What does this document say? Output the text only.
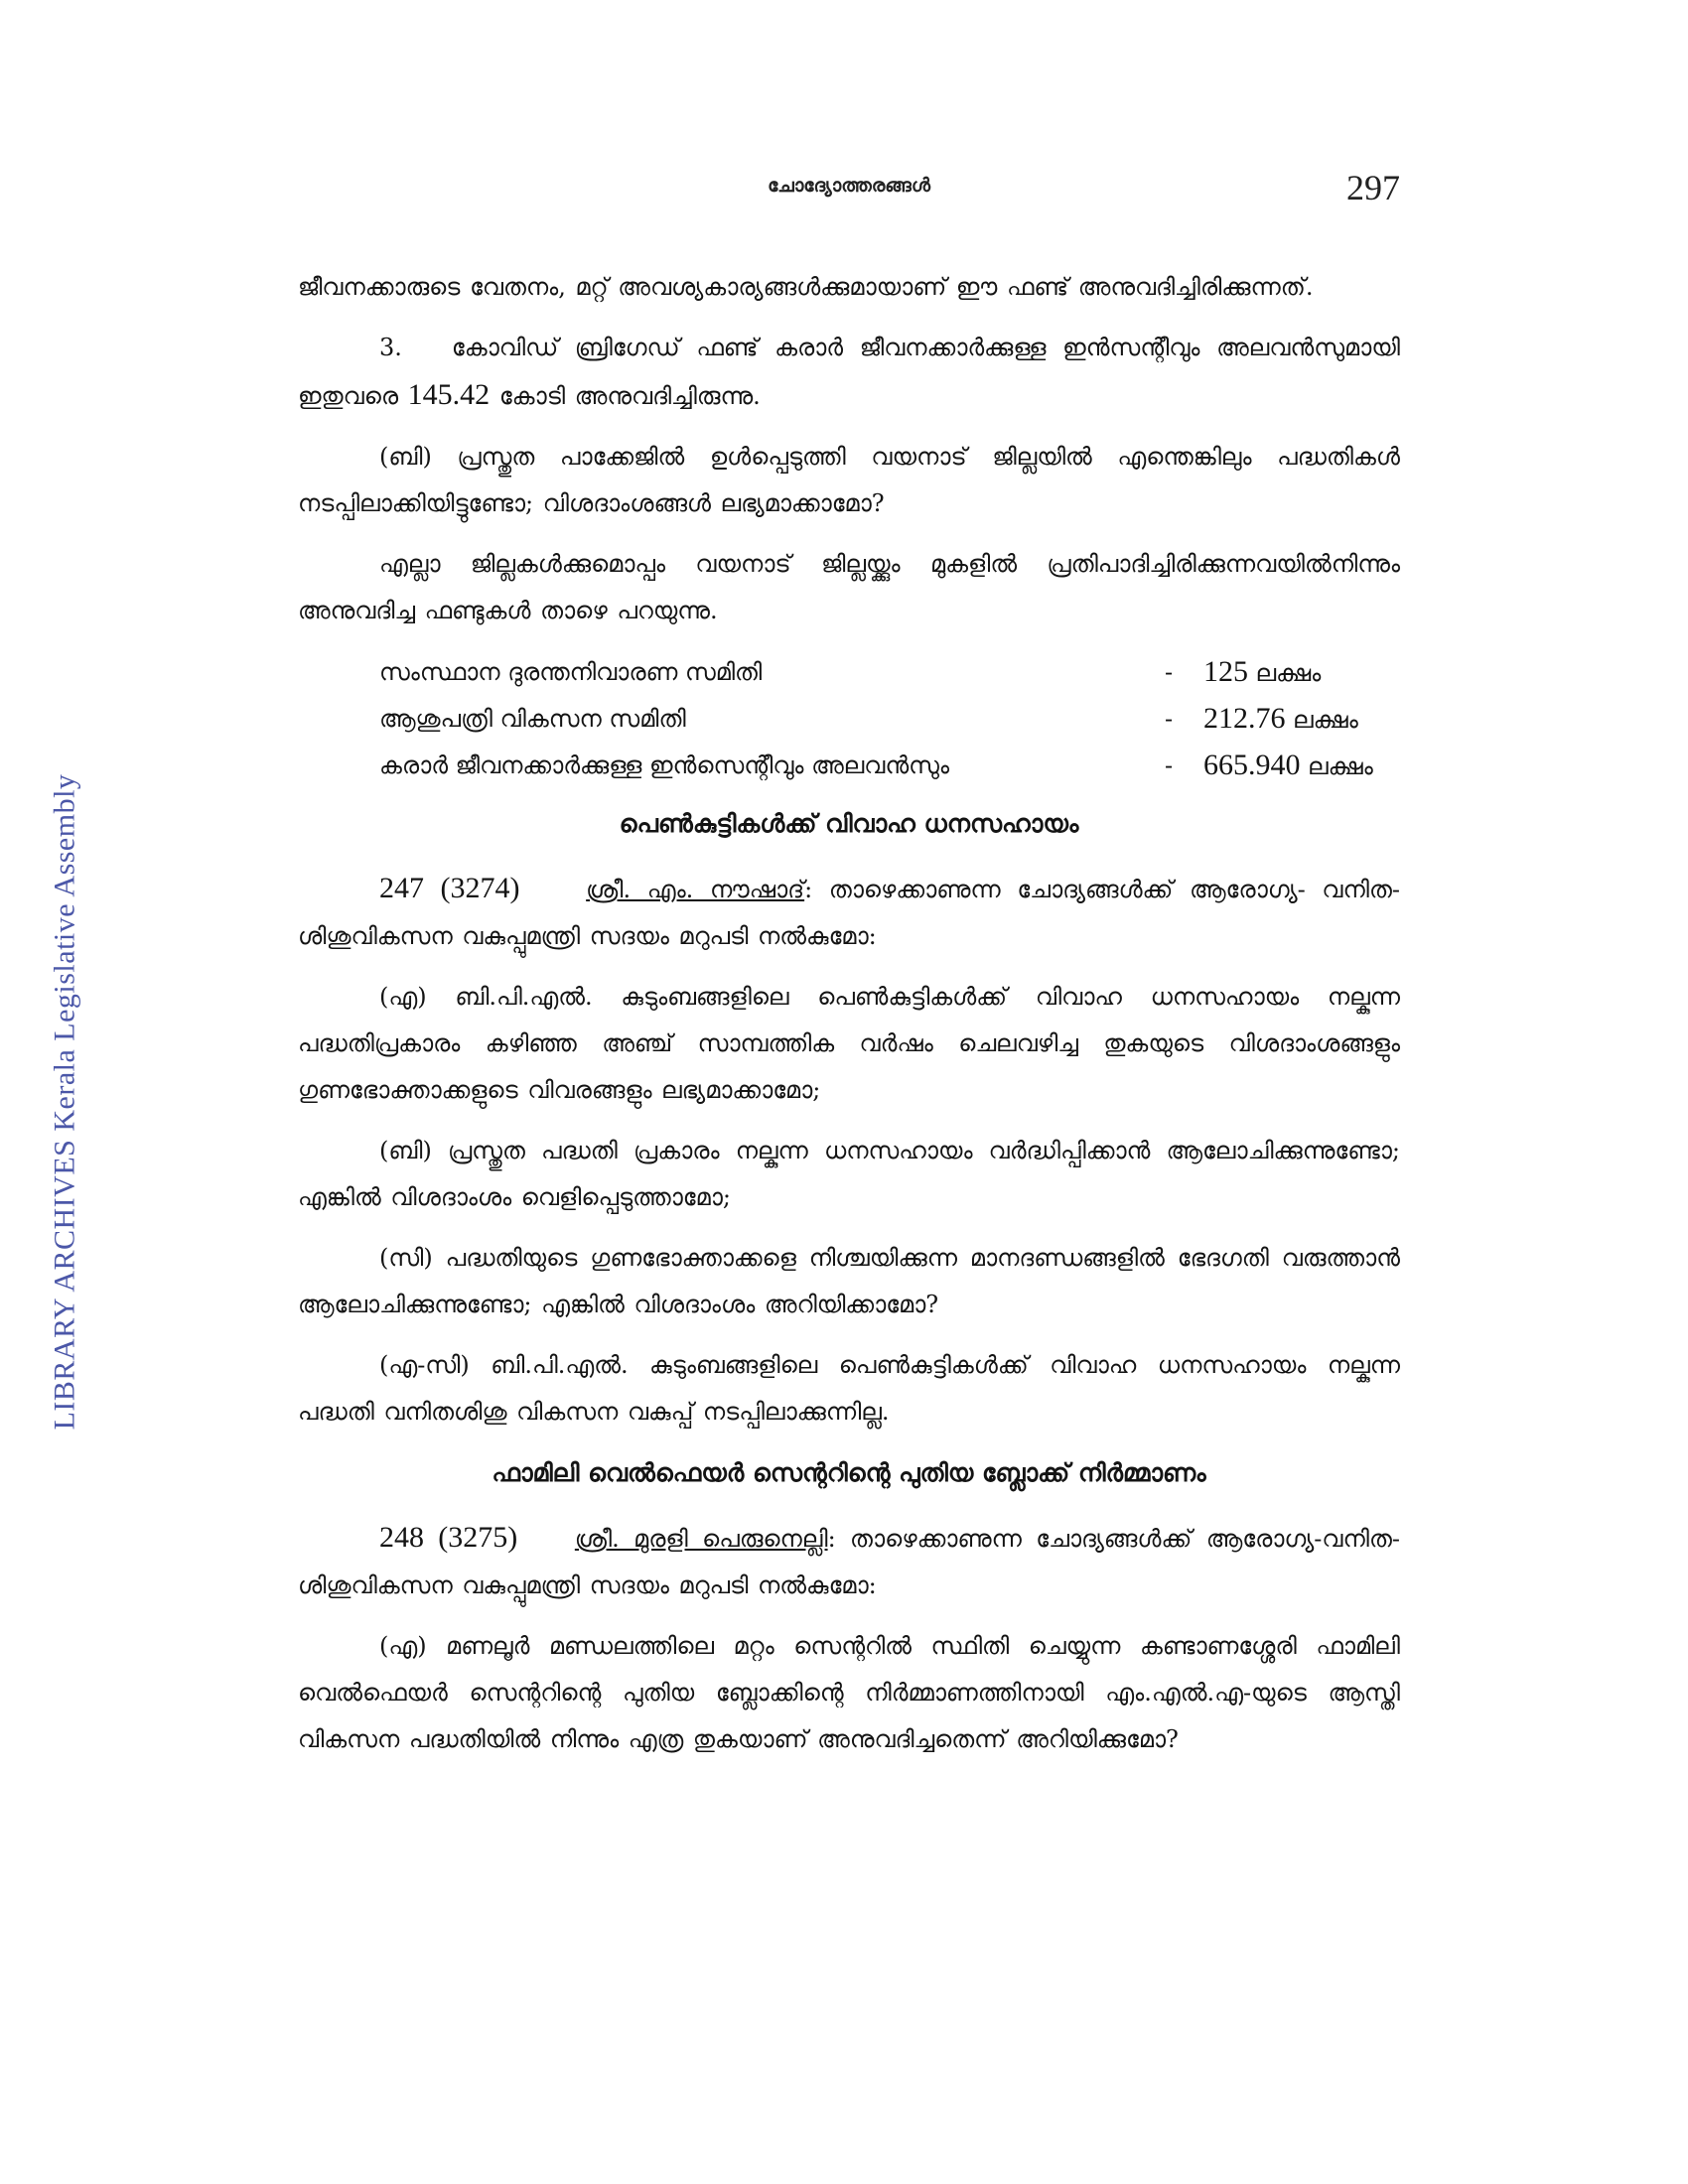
LIBRARY ARCHIVES Kerala Legislative Assembly
ചോദ്യോത്തരങ്ങൾ	297

ജീവനക്കാരുടെ വേതനം, മറ്റ് അവശ്യകാര്യങ്ങൾക്കുമായാണ് ഈ ഫണ്ട് അനുവദിച്ചിരിക്കുന്നത്.

3. കോവിഡ് ബ്രിഗേഡ് ഫണ്ട് കരാർ ജീവനക്കാർക്കുള്ള ഇൻസന്റീവും അലവൻസുമായി ഇതുവരെ 145.42 കോടി അനുവദിച്ചിരുന്നു.

(ബി) പ്രസ്തുത പാക്കേജിൽ ഉൾപ്പെടുത്തി വയനാട് ജില്ലയിൽ എന്തെങ്കിലും പദ്ധതികൾ നടപ്പിലാക്കിയിട്ടുണ്ടോ; വിശദാംശങ്ങൾ ലഭ്യമാക്കാമോ?

എല്ലാ ജില്ലകൾക്കുമൊപ്പം വയനാട് ജില്ലയ്ക്കും മുകളിൽ പ്രതിപാദിച്ചിരിക്കുന്നവയിൽനിന്നും അനുവദിച്ച ഫണ്ടുകൾ താഴെ പറയുന്നു.

സംസ്ഥാന ദുരന്തനിവാരണ സമിതി	-	125 ലക്ഷം
ആശുപത്രി വികസന സമിതി	-	212.76 ലക്ഷം
കരാർ ജീവനക്കാർക്കുള്ള ഇൻസെന്റീവും അലവൻസും	-	665.940 ലക്ഷം
പെൺകുട്ടികൾക്ക് വിവാഹ ധനസഹായം

247 (3274)	ശ്രീ. എം. നൗഷാദ്: താഴെക്കാണുന്ന ചോദ്യങ്ങൾക്ക് ആരോഗ്യ- വനിത-ശിശുവികസന വകുപ്പുമന്ത്രി സദയം മറുപടി നൽകുമോ:

(എ) ബി.പി.എൽ. കുടുംബങ്ങളിലെ പെൺകുട്ടികൾക്ക് വിവാഹ ധനസഹായം നല്കുന്ന പദ്ധതിപ്രകാരം കഴിഞ്ഞ അഞ്ച് സാമ്പത്തിക വർഷം ചെലവഴിച്ച തുകയുടെ വിശദാംശങ്ങളും ഗുണഭോക്താക്കളുടെ വിവരങ്ങളും ലഭ്യമാക്കാമോ;

(ബി) പ്രസ്തുത പദ്ധതി പ്രകാരം നല്കുന്ന ധനസഹായം വർദ്ധിപ്പിക്കാൻ ആലോചിക്കുന്നുണ്ടോ; എങ്കിൽ വിശദാംശം വെളിപ്പെടുത്താമോ;

(സി) പദ്ധതിയുടെ ഗുണഭോക്താക്കളെ നിശ്ചയിക്കുന്ന മാനദണ്ഡങ്ങളിൽ ഭേദഗതി വരുത്താൻ ആലോചിക്കുന്നുണ്ടോ; എങ്കിൽ വിശദാംശം അറിയിക്കാമോ?

(എ-സി) ബി.പി.എൽ. കുടുംബങ്ങളിലെ പെൺകുട്ടികൾക്ക് വിവാഹ ധനസഹായം നല്കുന്ന പദ്ധതി വനിതശിശു വികസന വകുപ്പ് നടപ്പിലാക്കുന്നില്ല.

ഫാമിലി വെൽഫെയർ സെന്ററിന്റെ പുതിയ ബ്ലോക്ക് നിർമ്മാണം

248 (3275) ശ്രീ. മുരളി പെരുനെല്ലി: താഴെക്കാണുന്ന ചോദ്യങ്ങൾക്ക് ആരോഗ്യ-വനിത-ശിശുവികസന വകുപ്പുമന്ത്രി സദയം മറുപടി നൽകുമോ:

(എ) മണലൂർ മണ്ഡലത്തിലെ മറ്റം സെന്ററിൽ സ്ഥിതി ചെയ്യുന്ന കണ്ടാണശ്ശേരി ഫാമിലി വെൽഫെയർ സെന്ററിന്റെ പുതിയ ബ്ലോക്കിന്റെ നിർമ്മാണത്തിനായി എം.എൽ.എ-യുടെ ആസ്തി വികസന പദ്ധതിയിൽ നിന്നും എത്ര തുകയാണ് അനുവദിച്ചതെന്ന് അറിയിക്കുമോ?
